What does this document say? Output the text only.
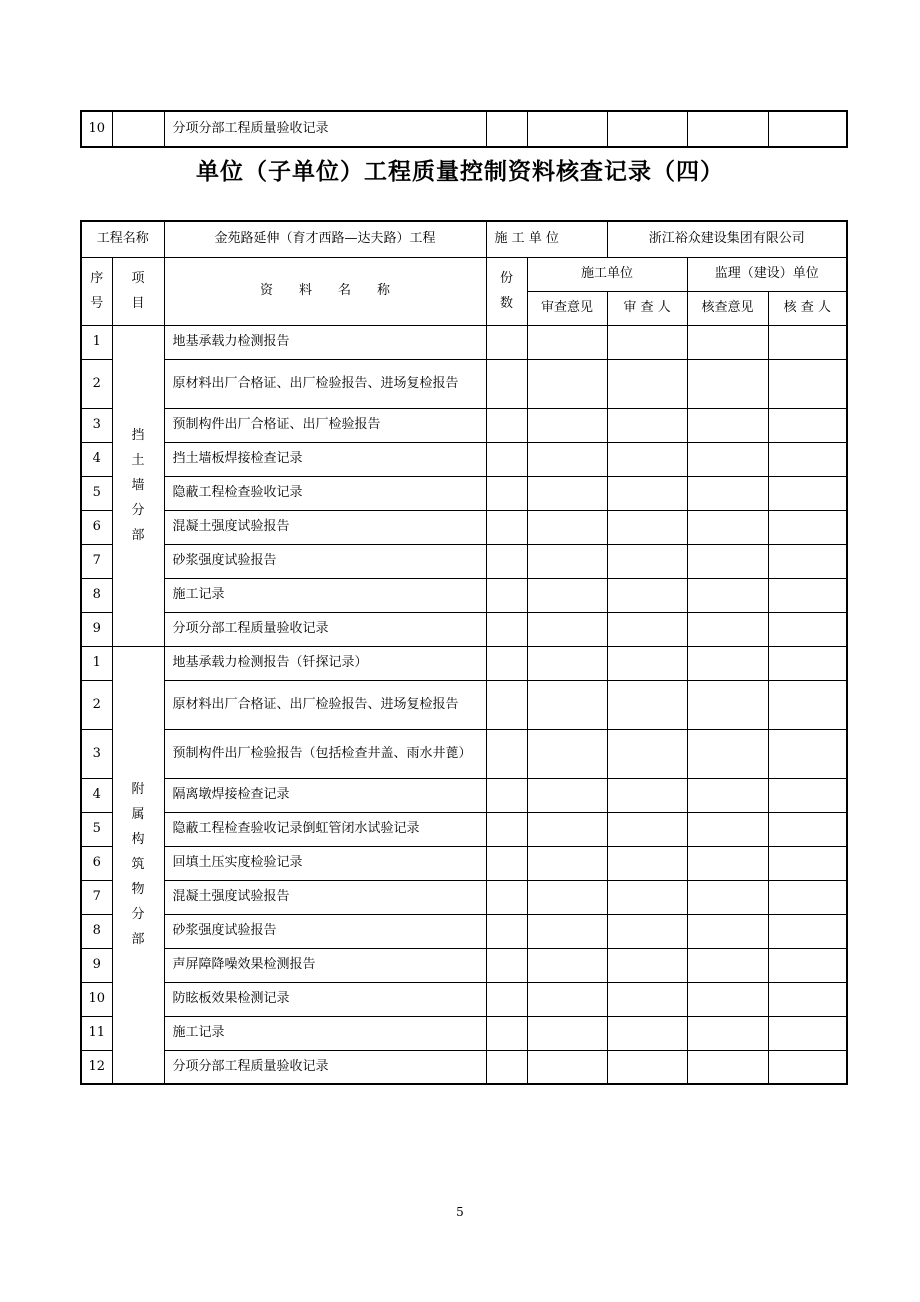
10		分项分部工程质量验收记录					
单位（子单位）工程质量控制资料核查记录（四）
工程名称		金苑路延伸（育才西路—达夫路）工程	施 工 单 位		浙江裕众建设集团有限公司		
序号	项目	资　　料　　名　　称	份数	施工单位		监理（建设）单位	
				审查意见	审 查 人	核查意见	核 查 人
1	挡土墙分部	地基承载力检测报告					
2		原材料出厂合格证、出厂检验报告、进场复检报告					
3		预制构件出厂合格证、出厂检验报告					
4		挡土墙板焊接检查记录					
5		隐蔽工程检查验收记录					
6		混凝土强度试验报告					
7		砂浆强度试验报告					
8		施工记录					
9		分项分部工程质量验收记录					
1	附属构筑物分部	地基承载力检测报告（钎探记录）					
2		原材料出厂合格证、出厂检验报告、进场复检报告					
3		预制构件出厂检验报告（包括检查井盖、雨水井蓖）					
4		隔离墩焊接检查记录					
5		隐蔽工程检查验收记录倒虹管闭水试验记录					
6		回填土压实度检验记录					
7		混凝土强度试验报告					
8		砂浆强度试验报告					
9		声屏障降噪效果检测报告					
10		防眩板效果检测记录					
11		施工记录					
12		分项分部工程质量验收记录					
5
